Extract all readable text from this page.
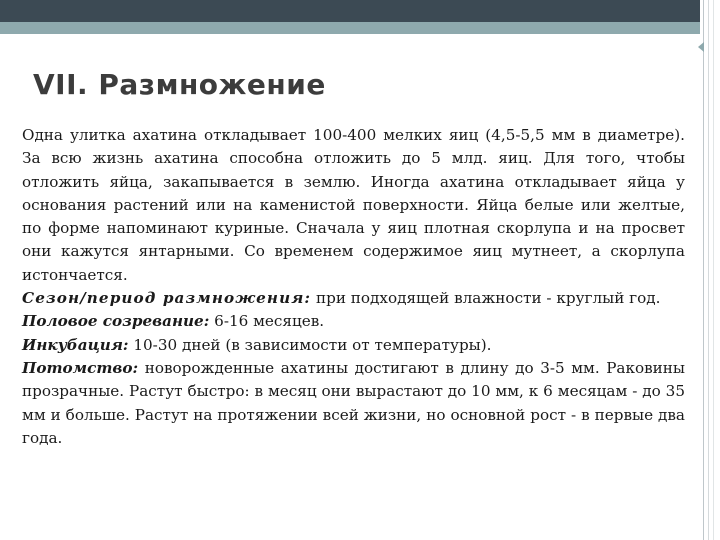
VII. Размножение

Одна улитка ахатина откладывает 100-400 мелких яиц (4,5-5,5 мм в диаметре). За всю жизнь ахатина способна отложить до 5 млд. яиц. Для того, чтобы отложить яйца, закапывается в землю. Иногда ахатина откладывает яйца у основания растений или на каменистой поверхности. Яйца белые или желтые, по форме напоминают куриные. Сначала у яиц плотная скорлупа и на просвет они кажутся янтарными. Со временем содержимое яиц мутнеет, а скорлупа истончается.

Сезон/период размножения: при подходящей влажности - круглый год.

Половое созревание: 6-16 месяцев.

Инкубация: 10-30 дней (в зависимости от температуры).

Потомство: новорожденные ахатины достигают в длину до 3-5 мм. Раковины прозрачные. Растут быстро: в месяц они вырастают до 10 мм, к 6 месяцам - до 35 мм и больше. Растут на протяжении всей жизни, но основной рост - в первые два года.
